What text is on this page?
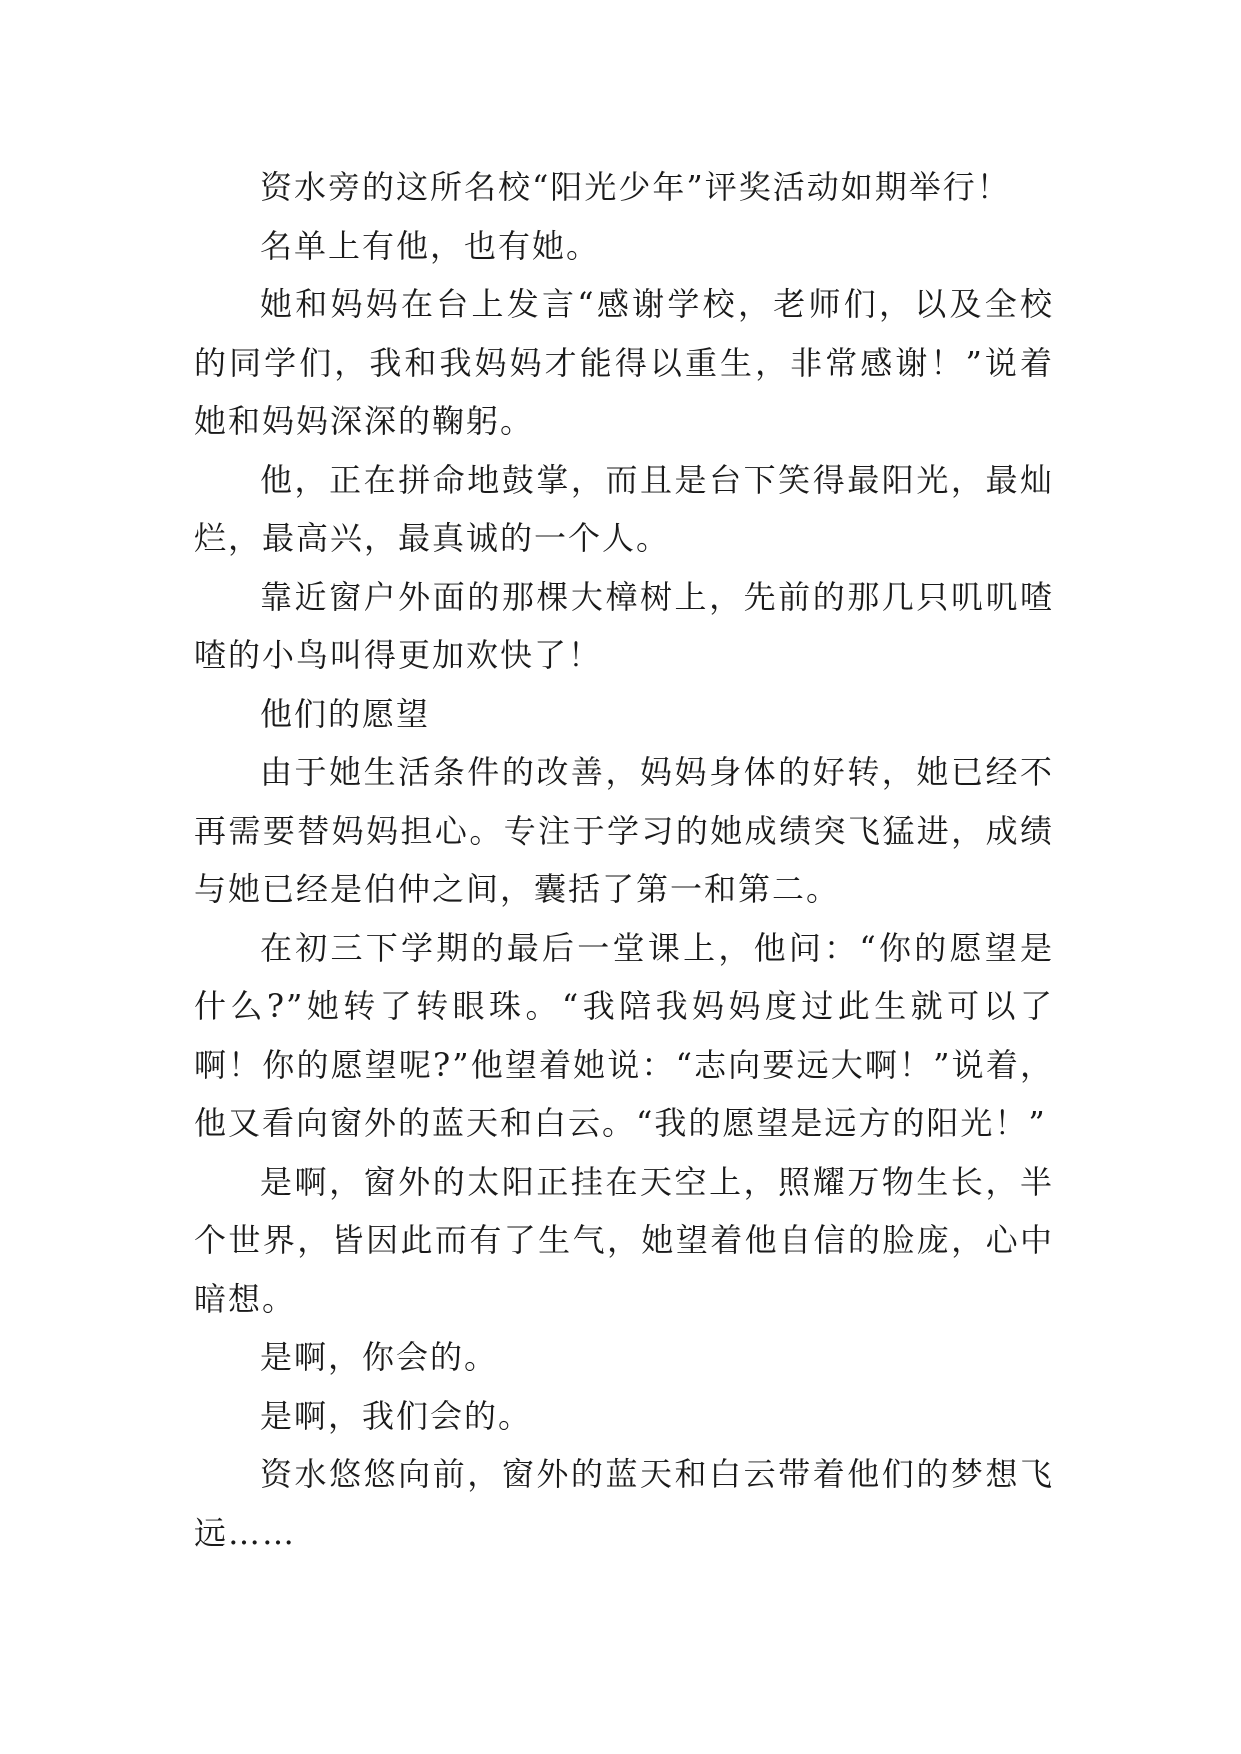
资水旁的这所名校“阳光少年”评奖活动如期举行！

名单上有他，也有她。

她和妈妈在台上发言“感谢学校，老师们，以及全校的同学们，我和我妈妈才能得以重生，非常感谢！”说着她和妈妈深深的鞠躬。

他，正在拼命地鼓掌，而且是台下笑得最阳光，最灿烂，最高兴，最真诚的一个人。

靠近窗户外面的那棵大樟树上，先前的那几只叽叽喳喳的小鸟叫得更加欢快了！

他们的愿望

由于她生活条件的改善，妈妈身体的好转，她已经不再需要替妈妈担心。专注于学习的她成绩突飞猛进，成绩与她已经是伯仲之间，囊括了第一和第二。

在初三下学期的最后一堂课上，他问：“你的愿望是什么?”她转了转眼珠。“我陪我妈妈度过此生就可以了啊！你的愿望呢?”他望着她说：“志向要远大啊！”说着，他又看向窗外的蓝天和白云。“我的愿望是远方的阳光！”

是啊，窗外的太阳正挂在天空上，照耀万物生长，半个世界，皆因此而有了生气，她望着他自信的脸庞，心中暗想。

是啊，你会的。

是啊，我们会的。

资水悠悠向前，窗外的蓝天和白云带着他们的梦想飞远……
